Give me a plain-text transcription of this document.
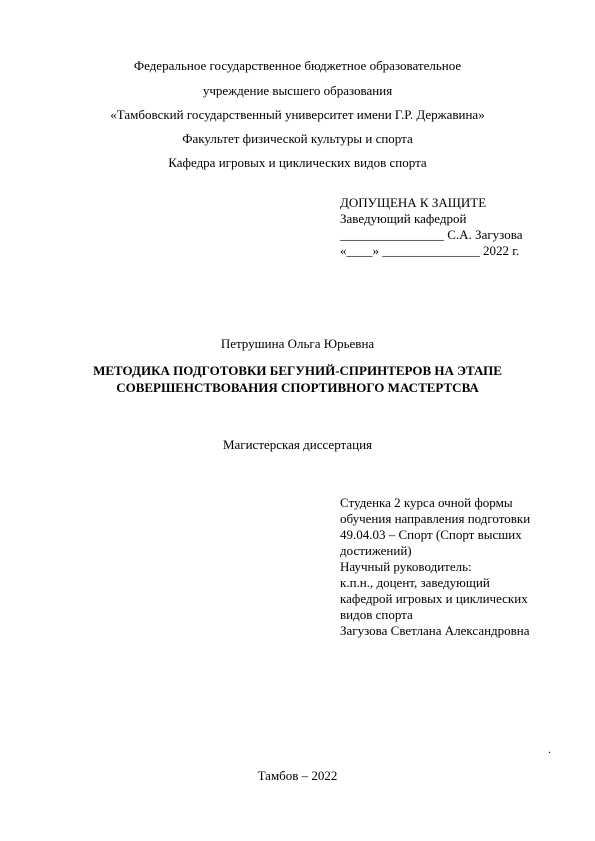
Федеральное государственное бюджетное образовательное
учреждение высшего образования
«Тамбовский государственный университет имени Г.Р. Державина»
Факультет физической культуры и спорта
Кафедра игровых и циклических видов спорта
ДОПУЩЕНА К ЗАЩИТЕ
Заведующий кафедрой
________________ С.А. Загузова
«____» _______________ 2022 г.
Петрушина Ольга Юрьевна
МЕТОДИКА ПОДГОТОВКИ БЕГУНИЙ-СПРИНТЕРОВ НА ЭТАПЕ
СОВЕРШЕНСТВОВАНИЯ СПОРТИВНОГО МАСТЕРТСВА
Магистерская диссертация
Студенка 2 курса очной формы
обучения направления подготовки
49.04.03 – Спорт (Спорт высших
достижений)
Научный руководитель:
к.п.н., доцент, заведующий
кафедрой игровых и циклических
видов спорта
Загузова Светлана Александровна
.
Тамбов – 2022
